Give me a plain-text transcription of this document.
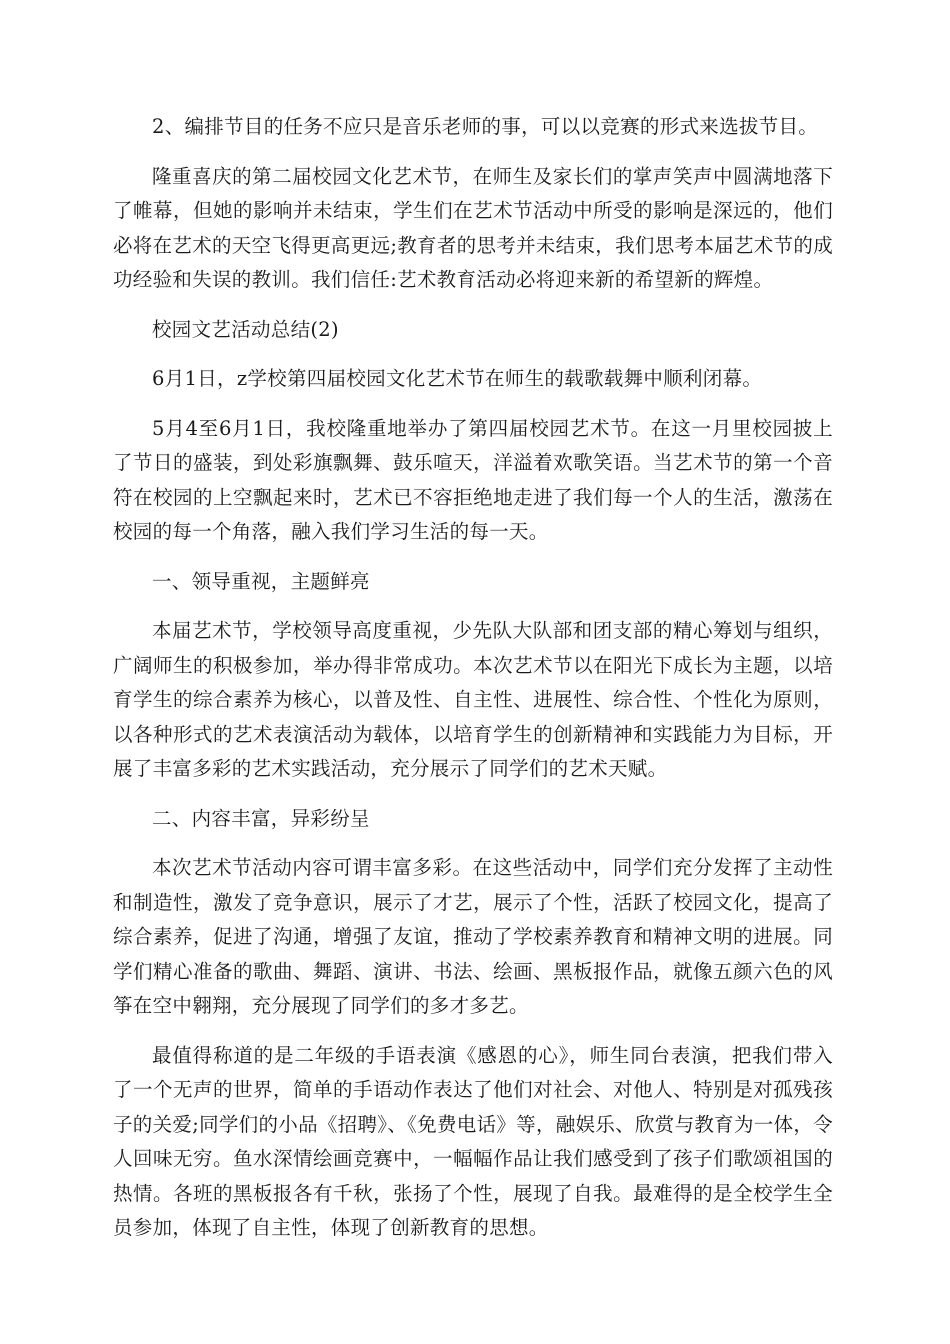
2、编排节目的任务不应只是音乐老师的事，可以以竞赛的形式来选拔节目。

隆重喜庆的第二届校园文化艺术节，在师生及家长们的掌声笑声中圆满地落下了帷幕，但她的影响并未结束，学生们在艺术节活动中所受的影响是深远的，他们必将在艺术的天空飞得更高更远;教育者的思考并未结束，我们思考本届艺术节的成功经验和失误的教训。我们信任:艺术教育活动必将迎来新的希望新的辉煌。

校园文艺活动总结(2)

6月1日，z学校第四届校园文化艺术节在师生的载歌载舞中顺利闭幕。

5月4至6月1日，我校隆重地举办了第四届校园艺术节。在这一月里校园披上了节日的盛装，到处彩旗飘舞、鼓乐喧天，洋溢着欢歌笑语。当艺术节的第一个音符在校园的上空飘起来时，艺术已不容拒绝地走进了我们每一个人的生活，激荡在校园的每一个角落，融入我们学习生活的每一天。

一、领导重视，主题鲜亮

本届艺术节，学校领导高度重视，少先队大队部和团支部的精心筹划与组织，广阔师生的积极参加，举办得非常成功。本次艺术节以在阳光下成长为主题，以培育学生的综合素养为核心，以普及性、自主性、进展性、综合性、个性化为原则，以各种形式的艺术表演活动为载体，以培育学生的创新精神和实践能力为目标，开展了丰富多彩的艺术实践活动，充分展示了同学们的艺术天赋。

二、内容丰富，异彩纷呈

本次艺术节活动内容可谓丰富多彩。在这些活动中，同学们充分发挥了主动性和制造性，激发了竞争意识，展示了才艺，展示了个性，活跃了校园文化，提高了综合素养，促进了沟通，增强了友谊，推动了学校素养教育和精神文明的进展。同学们精心准备的歌曲、舞蹈、演讲、书法、绘画、黑板报作品，就像五颜六色的风筝在空中翱翔，充分展现了同学们的多才多艺。

最值得称道的是二年级的手语表演《感恩的心》，师生同台表演，把我们带入了一个无声的世界，简单的手语动作表达了他们对社会、对他人、特别是对孤残孩子的关爱;同学们的小品《招聘》、《免费电话》等，融娱乐、欣赏与教育为一体，令人回味无穷。鱼水深情绘画竞赛中，一幅幅作品让我们感受到了孩子们歌颂祖国的热情。各班的黑板报各有千秋，张扬了个性，展现了自我。最难得的是全校学生全员参加，体现了自主性，体现了创新教育的思想。
